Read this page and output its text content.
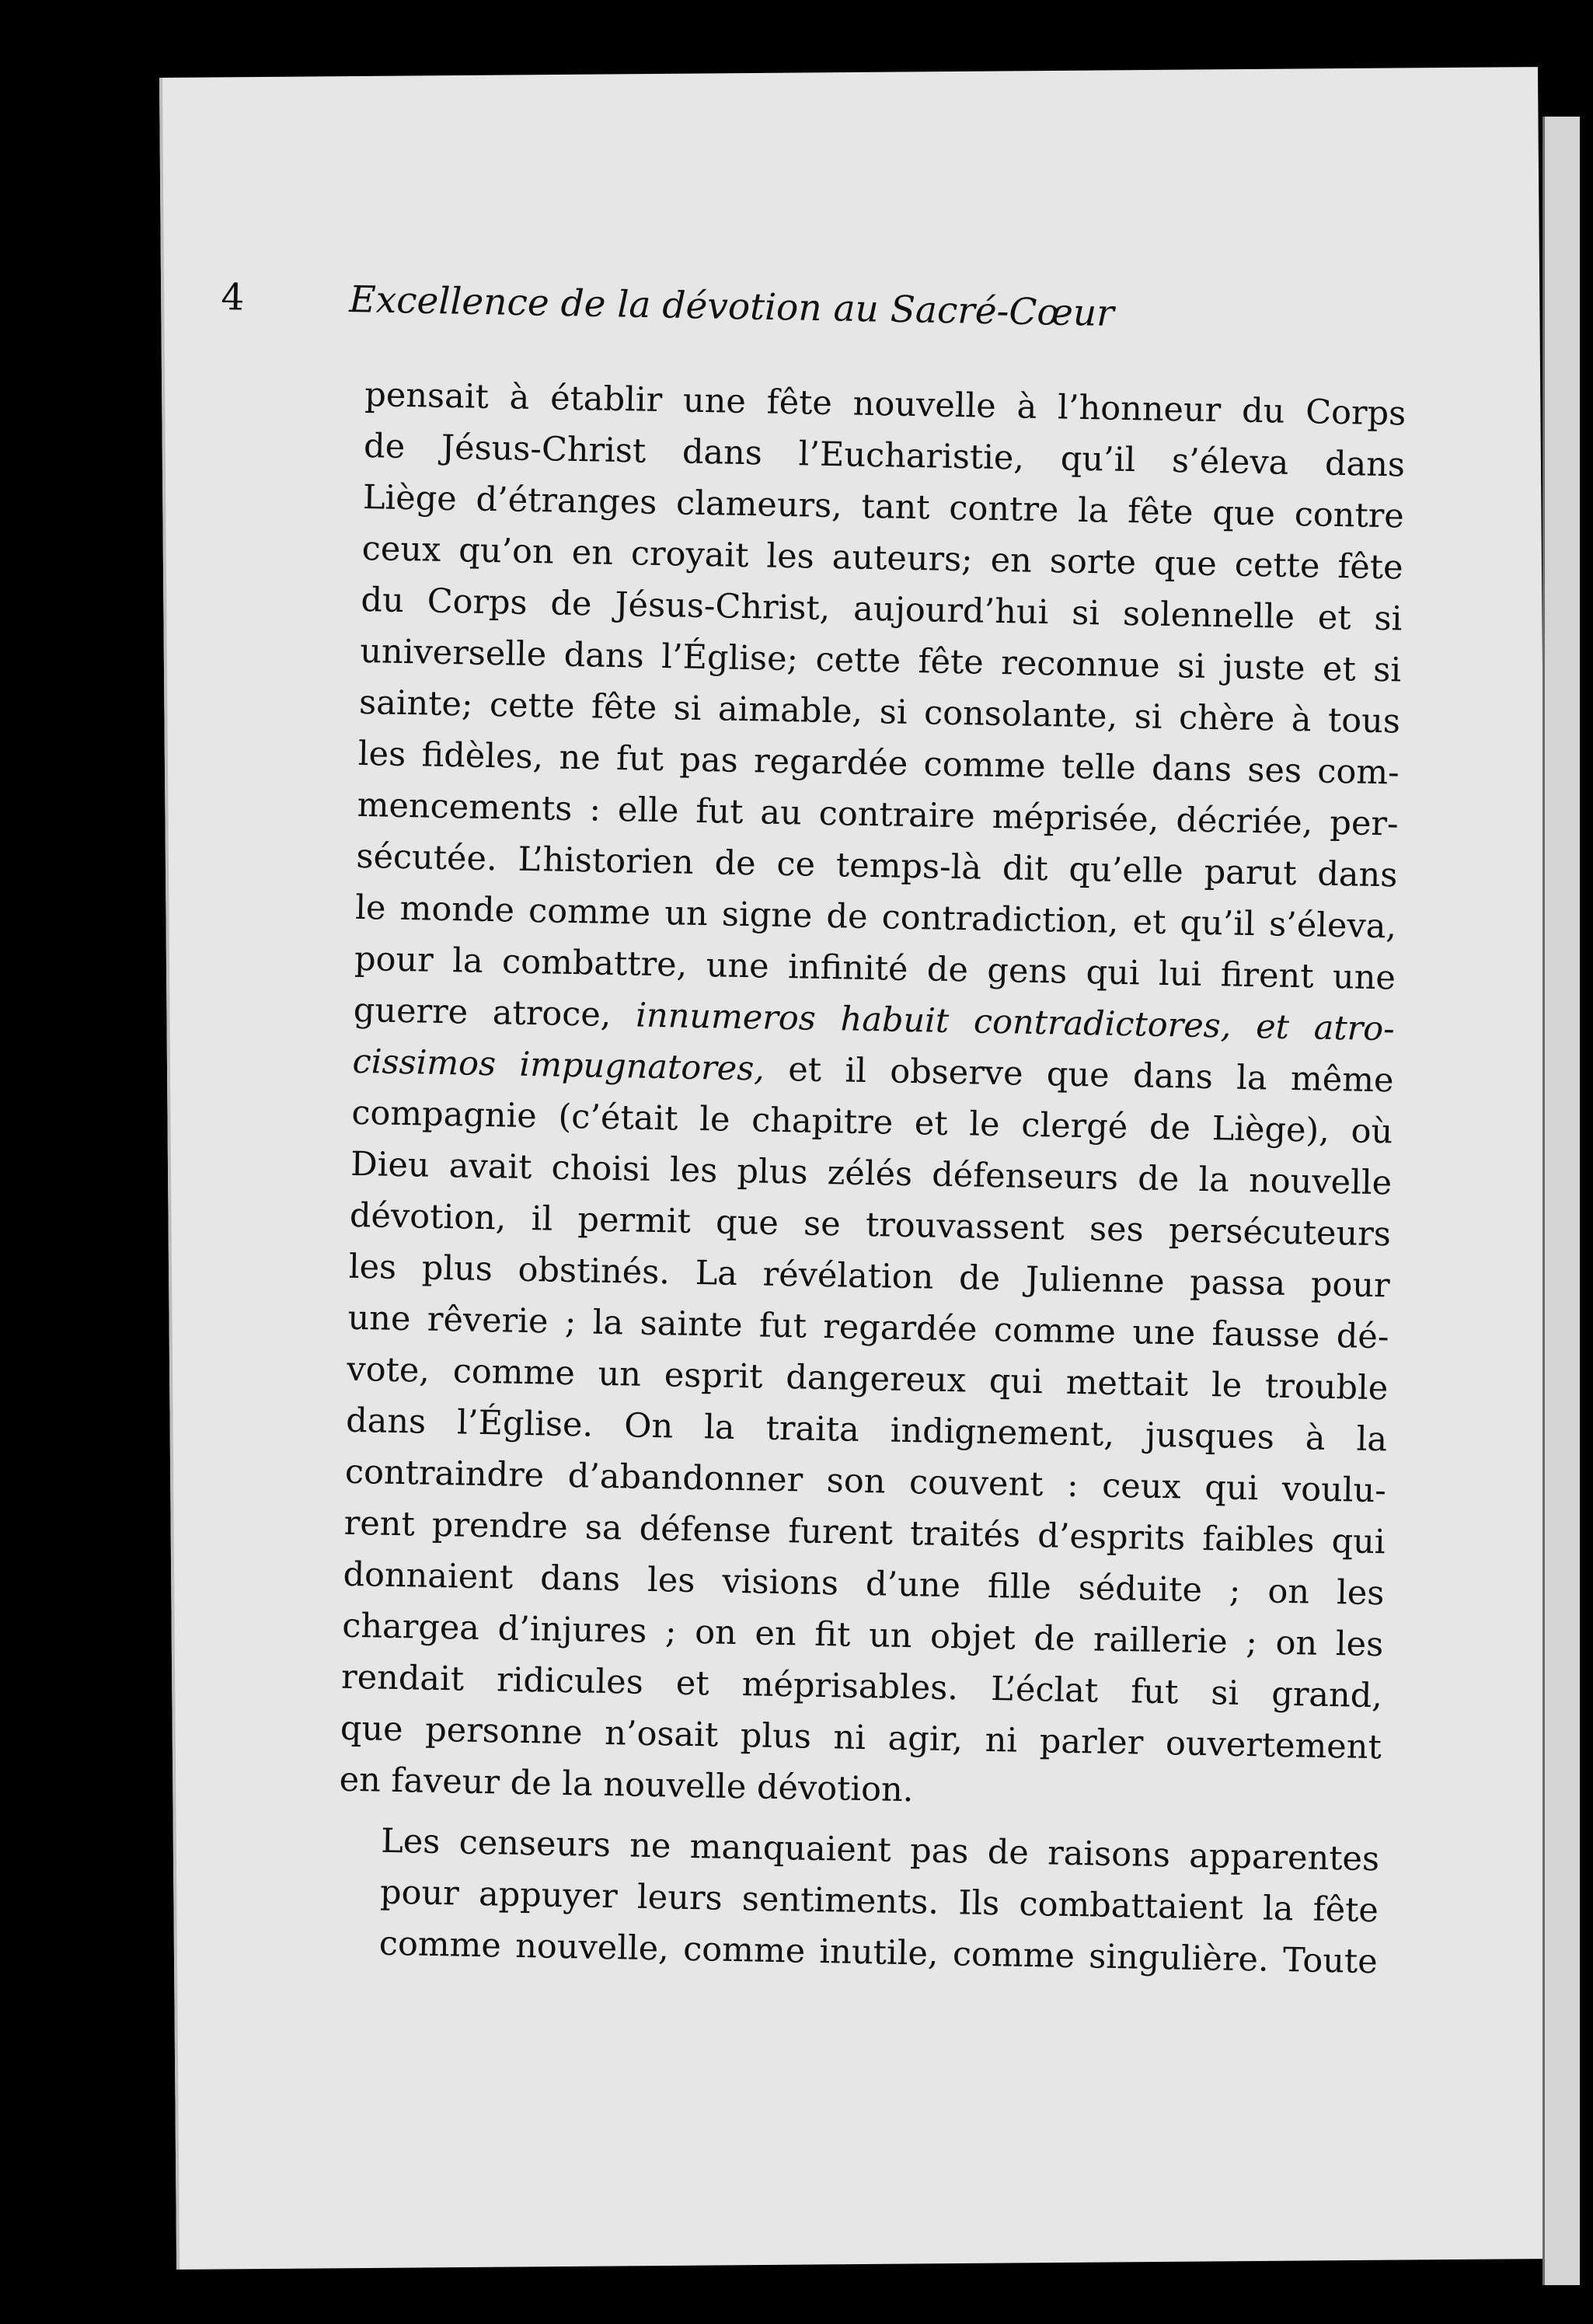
4	Excellence de la dévotion au Sacré-Cœur

pensait à établir une fête nouvelle à l’honneur du Corps
de Jésus-Christ dans l’Eucharistie, qu’il s’éleva dans
Liège d’étranges clameurs, tant contre la fête que contre
ceux qu’on en croyait les auteurs; en sorte que cette fête
du Corps de Jésus-Christ, aujourd’hui si solennelle et si
universelle dans l’Église; cette fête reconnue si juste et si
sainte; cette fête si aimable, si consolante, si chère à tous
les fidèles, ne fut pas regardée comme telle dans ses com-
mencements : elle fut au contraire méprisée, décriée, per-
sécutée. L’historien de ce temps-là dit qu’elle parut dans
le monde comme un signe de contradiction, et qu’il s’éleva,
pour la combattre, une infinité de gens qui lui firent une
guerre atroce, innumeros habuit contradictores, et atro-
cissimos impugnatores, et il observe que dans la même
compagnie (c’était le chapitre et le clergé de Liège), où
Dieu avait choisi les plus zélés défenseurs de la nouvelle
dévotion, il permit que se trouvassent ses persécuteurs
les plus obstinés. La révélation de Julienne passa pour
une rêverie ; la sainte fut regardée comme une fausse dé-
vote, comme un esprit dangereux qui mettait le trouble
dans l’Église. On la traita indignement, jusques à la
contraindre d’abandonner son couvent : ceux qui voulu-
rent prendre sa défense furent traités d’esprits faibles qui
donnaient dans les visions d’une fille séduite ; on les
chargea d’injures ; on en fit un objet de raillerie ; on les
rendait ridicules et méprisables. L’éclat fut si grand,
que personne n’osait plus ni agir, ni parler ouvertement
en faveur de la nouvelle dévotion.

Les censeurs ne manquaient pas de raisons apparentes
pour appuyer leurs sentiments. Ils combattaient la fête
comme nouvelle, comme inutile, comme singulière. Toute
